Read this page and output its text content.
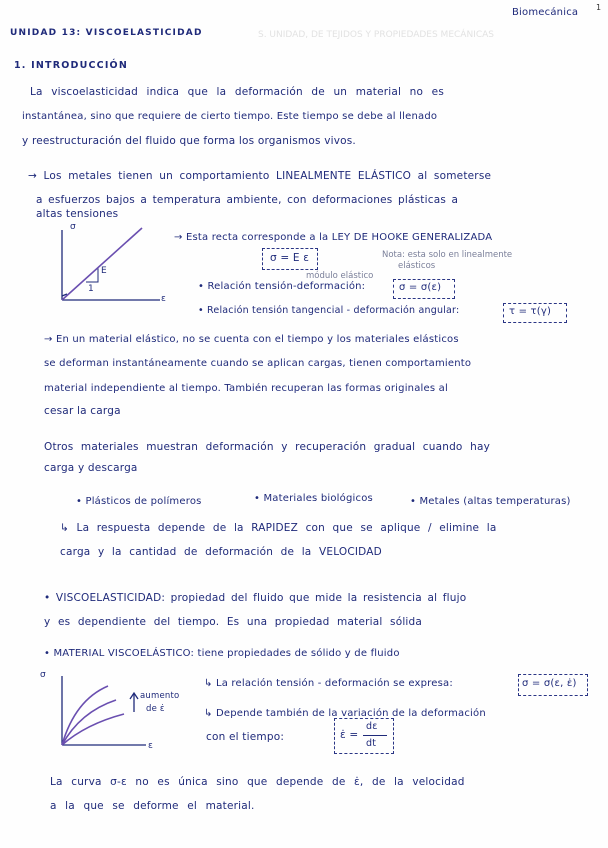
S. UNIDAD, DE TEJIDOS Y PROPIEDADES MECÁNICAS
Biomecánica 1
UNIDAD 13: VISCOELASTICIDAD
1. INTRODUCCIÓN
La viscoelasticidad indica que la deformación de un material no es
instantánea, sino que requiere de cierto tiempo. Este tiempo se debe al llenado
y reestructuración del fluido que forma los organismos vivos.
→ Los metales tienen un comportamiento LINEALMENTE ELÁSTICO al someterse
a esfuerzos bajos a temperatura ambiente, con deformaciones plásticas a
altas tensiones
σ
ε
E
1
→ Esta recta corresponde a la LEY DE HOOKE GENERALIZADA
σ = E ε	Nota: esta solo en linealmente
elásticos
módulo elástico
• Relación tensión-deformación:	σ = σ(ε)
• Relación tensión tangencial - deformación angular:	τ = τ(γ)
→ En un material elástico, no se cuenta con el tiempo y los materiales elásticos
se deforman instantáneamente cuando se aplican cargas, tienen comportamiento
material independiente al tiempo. También recuperan las formas originales al
cesar la carga
Otros materiales muestran deformación y recuperación gradual cuando hay
carga y descarga
• Plásticos de polímeros	• Materiales biológicos	• Metales (altas temperaturas)
↳ La respuesta depende de la RAPIDEZ con que se aplique / elimine la
carga y la cantidad de deformación de la VELOCIDAD
• VISCOELASTICIDAD: propiedad del fluido que mide la resistencia al flujo
y es dependiente del tiempo. Es una propiedad material sólida
• MATERIAL VISCOELÁSTICO: tiene propiedades de sólido y de fluido
σ
ε
aumento
de ε̇
↳ La relación tensión - deformación se expresa:	σ = σ(ε, ε̇)
↳ Depende también de la variación de la deformación
con el tiempo:	ε̇ =
dε
dt
La curva σ-ε no es única sino que depende de ε̇, de la velocidad
a la que se deforme el material.
